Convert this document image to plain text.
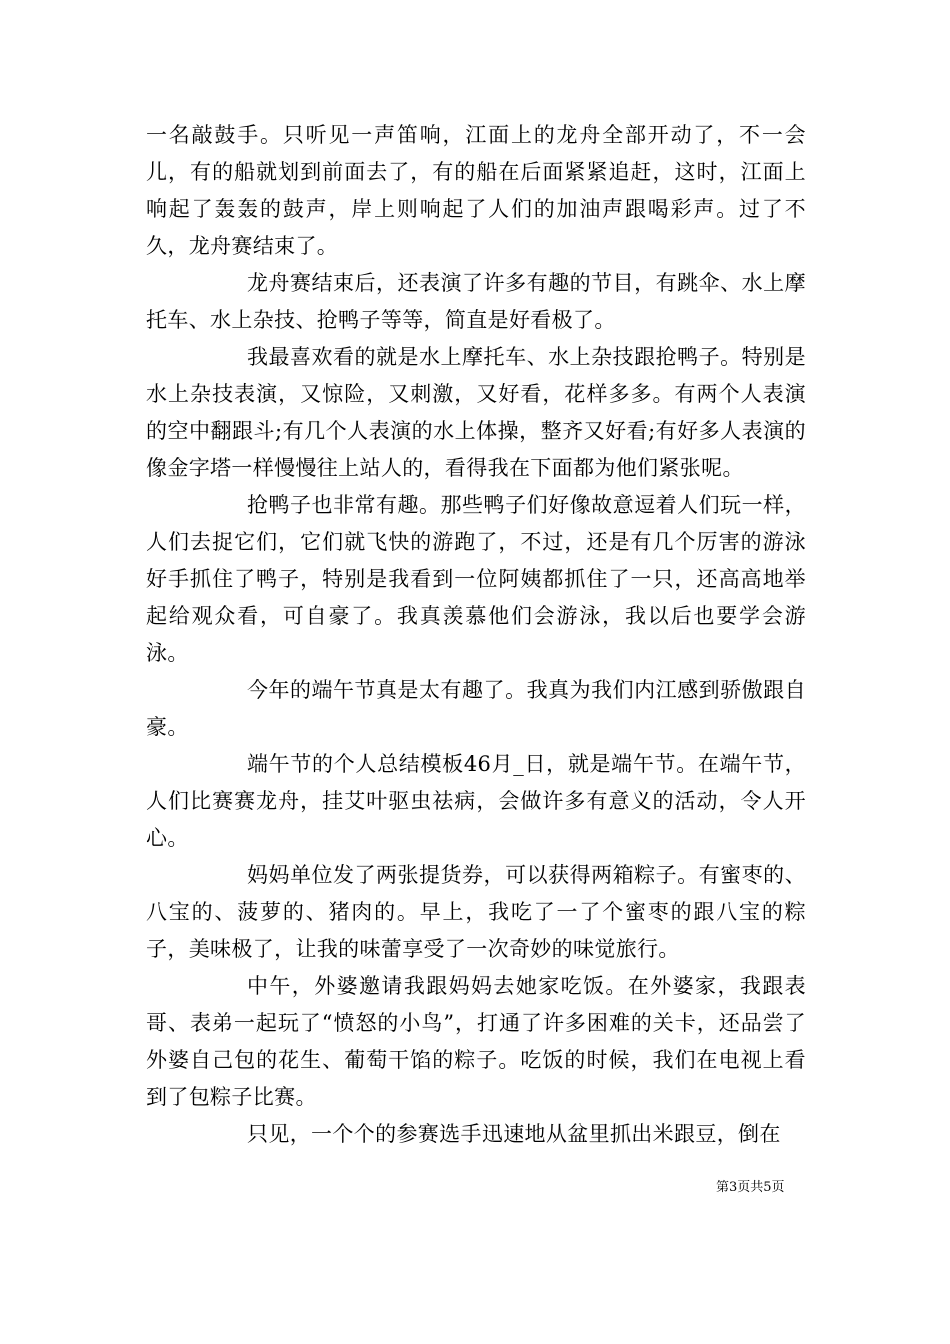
一名敲鼓手。只听见一声笛响，江面上的龙舟全部开动了，不一会儿，有的船就划到前面去了，有的船在后面紧紧追赶，这时，江面上响起了轰轰的鼓声，岸上则响起了人们的加油声跟喝彩声。过了不久，龙舟赛结束了。

龙舟赛结束后，还表演了许多有趣的节目，有跳伞、水上摩托车、水上杂技、抢鸭子等等，简直是好看极了。

我最喜欢看的就是水上摩托车、水上杂技跟抢鸭子。特别是水上杂技表演，又惊险，又刺激，又好看，花样多多。有两个人表演的空中翻跟斗;有几个人表演的水上体操，整齐又好看;有好多人表演的像金字塔一样慢慢往上站人的，看得我在下面都为他们紧张呢。

抢鸭子也非常有趣。那些鸭子们好像故意逗着人们玩一样，人们去捉它们，它们就飞快的游跑了，不过，还是有几个厉害的游泳好手抓住了鸭子，特别是我看到一位阿姨都抓住了一只，还高高地举起给观众看，可自豪了。我真羡慕他们会游泳，我以后也要学会游泳。

今年的端午节真是太有趣了。我真为我们内江感到骄傲跟自豪。

端午节的个人总结模板46月_日，就是端午节。在端午节，人们比赛赛龙舟，挂艾叶驱虫祛病，会做许多有意义的活动，令人开心。

妈妈单位发了两张提货券，可以获得两箱粽子。有蜜枣的、八宝的、菠萝的、猪肉的。早上，我吃了一了个蜜枣的跟八宝的粽子，美味极了，让我的味蕾享受了一次奇妙的味觉旅行。

中午，外婆邀请我跟妈妈去她家吃饭。在外婆家，我跟表哥、表弟一起玩了“愤怒的小鸟”，打通了许多困难的关卡，还品尝了外婆自己包的花生、葡萄干馅的粽子。吃饭的时候，我们在电视上看到了包粽子比赛。

只见，一个个的参赛选手迅速地从盆里抓出米跟豆，倒在

第3页共5页
